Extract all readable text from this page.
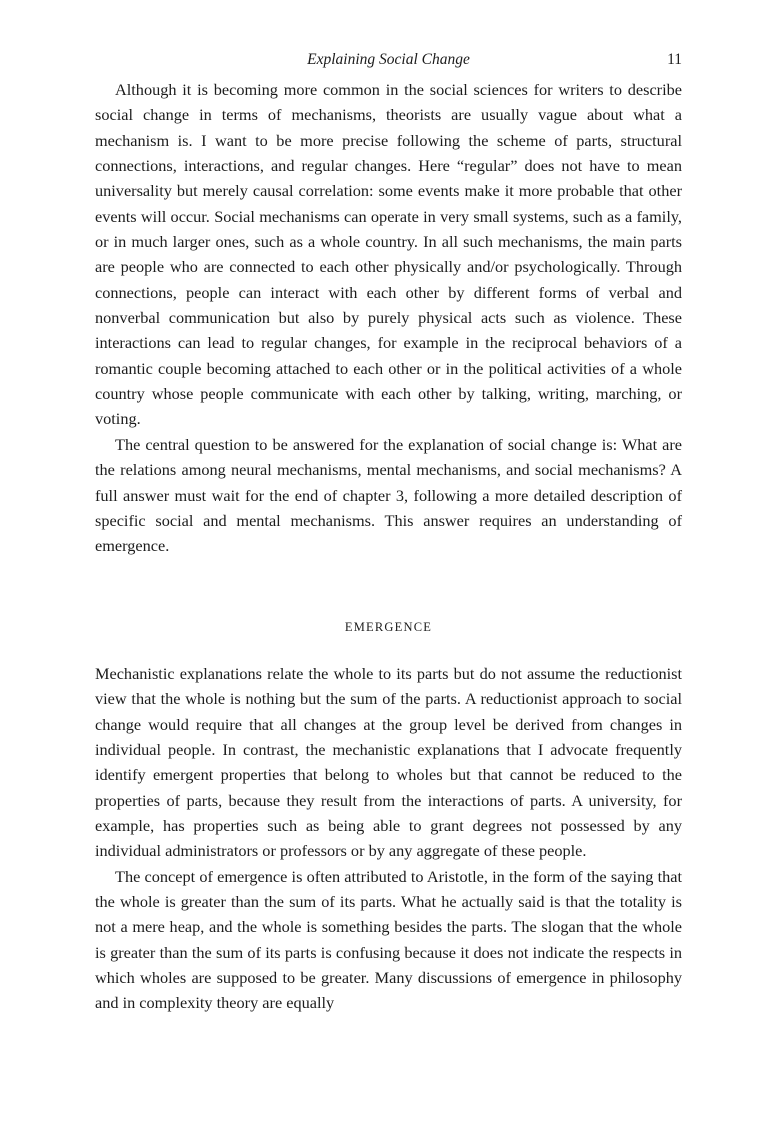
Explaining Social Change	11

Although it is becoming more common in the social sciences for writers to describe social change in terms of mechanisms, theorists are usually vague about what a mechanism is. I want to be more precise following the scheme of parts, structural connections, interactions, and regular changes. Here “regular” does not have to mean universality but merely causal correlation: some events make it more probable that other events will occur. Social mechanisms can operate in very small systems, such as a family, or in much larger ones, such as a whole country. In all such mechanisms, the main parts are people who are connected to each other physically and/or psychologically. Through connections, people can interact with each other by different forms of verbal and nonverbal communication but also by purely physical acts such as violence. These interactions can lead to regular changes, for example in the reciprocal behaviors of a romantic couple becoming attached to each other or in the political activities of a whole country whose people communicate with each other by talking, writing, marching, or voting.

The central question to be answered for the explanation of social change is: What are the relations among neural mechanisms, mental mechanisms, and social mechanisms? A full answer must wait for the end of chapter 3, following a more detailed description of specific social and mental mechanisms. This answer requires an understanding of emergence.

EMERGENCE

Mechanistic explanations relate the whole to its parts but do not assume the reductionist view that the whole is nothing but the sum of the parts. A reductionist approach to social change would require that all changes at the group level be derived from changes in individual people. In contrast, the mechanistic explanations that I advocate frequently identify emergent properties that belong to wholes but that cannot be reduced to the properties of parts, because they result from the interactions of parts. A university, for example, has properties such as being able to grant degrees not possessed by any individual administrators or professors or by any aggregate of these people.

The concept of emergence is often attributed to Aristotle, in the form of the saying that the whole is greater than the sum of its parts. What he actually said is that the totality is not a mere heap, and the whole is something besides the parts. The slogan that the whole is greater than the sum of its parts is confusing because it does not indicate the respects in which wholes are supposed to be greater. Many discussions of emergence in philosophy and in complexity theory are equally
